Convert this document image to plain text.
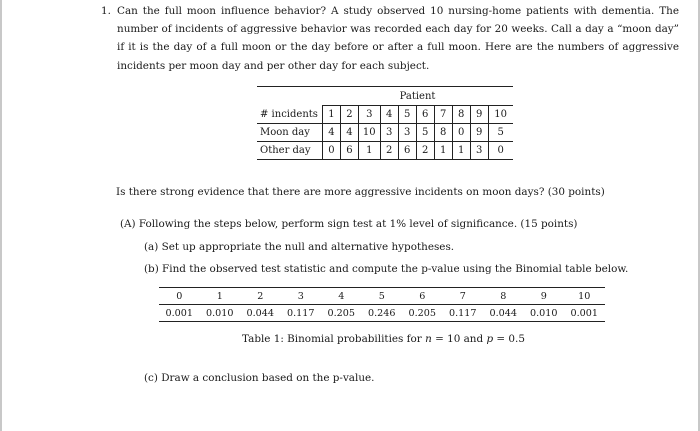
1. Can the full moon influence behavior? A study observed 10 nursing-home patients with dementia. The number of incidents of aggressive behavior was recorded each day for 20 weeks. Call a day a “moon day” if it is the day of a full moon or the day before or after a full moon. Here are the numbers of aggressive incidents per moon day and per other day for each subject.
	Patient									
# incidents	1	2	3	4	5	6	7	8	9	10
Moon day	4	4	10	3	3	5	8	0	9	5
Other day	0	6	1	2	6	2	1	1	3	0
Is there strong evidence that there are more aggressive incidents on moon days? (30 points)
(A) Following the steps below, perform sign test at 1% level of significance. (15 points)
(a) Set up appropriate the null and alternative hypotheses.
(b) Find the observed test statistic and compute the p-value using the Binomial table below.
0	1	2	3	4	5	6	7	8	9	10
0.001	0.010	0.044	0.117	0.205	0.246	0.205	0.117	0.044	0.010	0.001
Table 1: Binomial probabilities for n = 10 and p = 0.5
(c) Draw a conclusion based on the p-value.
